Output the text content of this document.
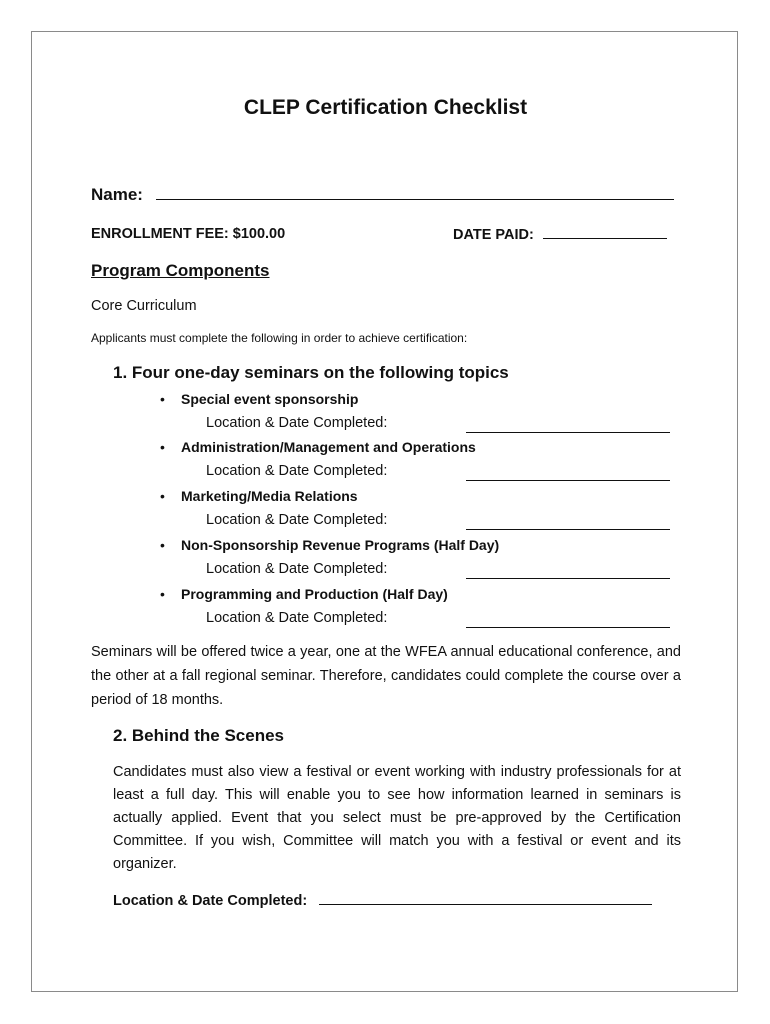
CLEP Certification Checklist
Name:
ENROLLMENT FEE: $100.00	DATE PAID:
Program Components
Core Curriculum
Applicants must complete the following in order to achieve certification:
1. Four one-day seminars on the following topics
• Special event sponsorship
Location & Date Completed:
• Administration/Management and Operations
Location & Date Completed:
• Marketing/Media Relations
Location & Date Completed:
• Non-Sponsorship Revenue Programs (Half Day)
Location & Date Completed:
• Programming and Production (Half Day)
Location & Date Completed:
Seminars will be offered twice a year, one at the WFEA annual educational conference, and the other at a fall regional seminar. Therefore, candidates could complete the course over a period of 18 months.
2. Behind the Scenes
Candidates must also view a festival or event working with industry professionals for at least a full day. This will enable you to see how information learned in seminars is actually applied. Event that you select must be pre-approved by the Certification Committee. If you wish, Committee will match you with a festival or event and its organizer.
Location & Date Completed:
